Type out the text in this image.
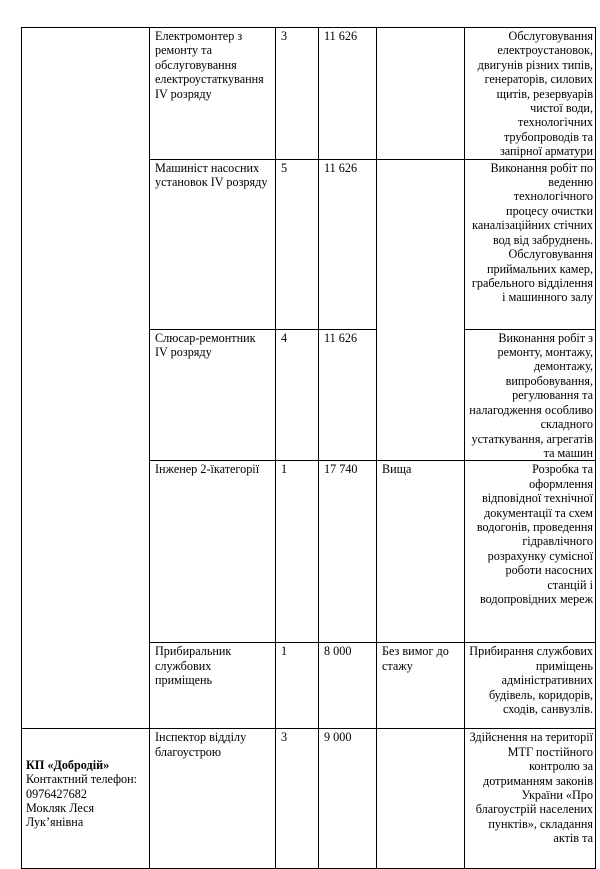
	Електромонтер з ремонту та обслуговування електроустаткування IV розряду	3	11 626		Обслуговування електроустановок, двигунів різних типів, генераторів, силових щитів, резервуарів чистої води, технологічних трубопроводів та запірної арматури
	Машиніст насосних установок IV розряду	5	11 626		Виконання робіт по веденню технологічного процесу очистки каналізаційних стічних вод від забруднень. Обслуговування приймальних камер, грабельного відділення і машинного залу
	Слюсар-ремонтник IV розряду	4	11 626		Виконання робіт з ремонту, монтажу, демонтажу, випробовування, регулювання та налагодження особливо складного устаткування, агрегатів та машин
	Інженер 2-їкатегорії	1	17 740	Вища	Розробка та оформлення відповідної технічної документації та схем водогонів, проведення гідравлічного розрахунку сумісної роботи насосних станцій і водопровідних мереж
	Прибиральник службових приміщень	1	8 000	Без вимог до стажу	Прибирання службових приміщень адміністративних будівель, коридорів, сходів, санвузлів.

КП «Добродій»
Контактний телефон: 0976427682
Мокляк Леся Лук’янівна	Інспектор відділу благоустрою	3	9 000		Здійснення на території МТГ постійного контролю за дотриманням законів України «Про благоустрій населених пунктів», складання актів та
